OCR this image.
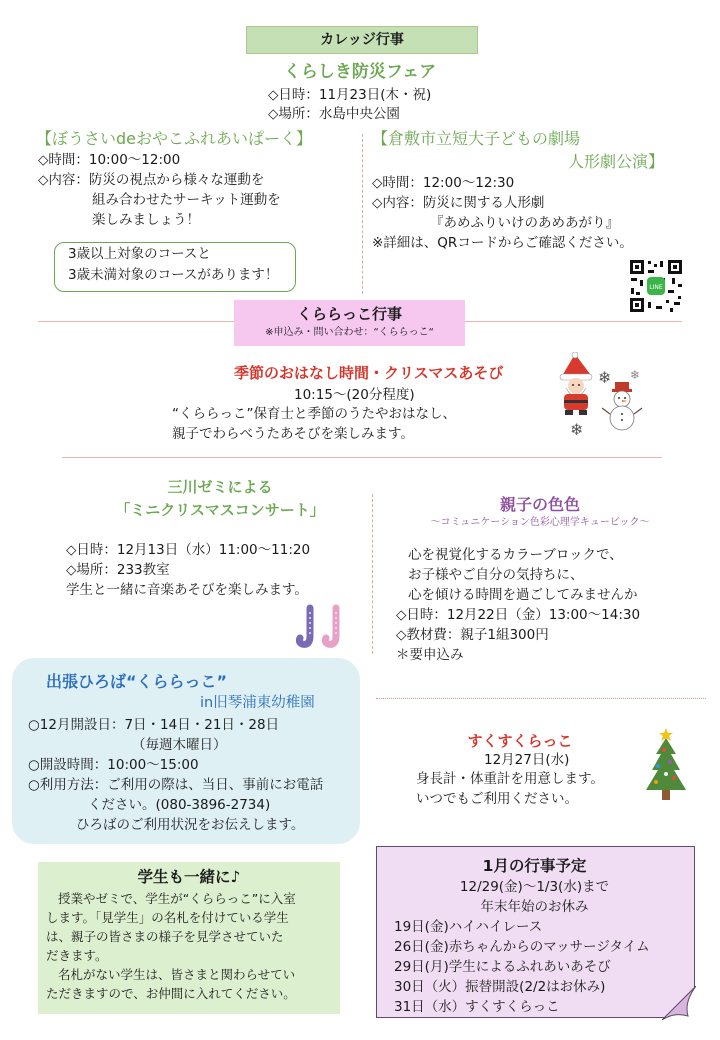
カレッジ行事
くらしき防災フェア
◇日時：11月23日(木・祝)
◇場所：水島中央公園
【ぼうさいdeおやこふれあいぱーく】
◇時間：10:00～12:00
◇内容：防災の視点から様々な運動を
組み合わせたサーキット運動を
楽しみましょう！
3歳以上対象のコースと
3歳未満対象のコースがあります！
【倉敷市立短大子どもの劇場
人形劇公演】
◇時間：12:00～12:30
◇内容：防災に関する人形劇
『あめふりいけのあめあがり』
※詳細は、QRコードからご確認ください。
LINE
くららっこ行事
※申込み・問い合わせ：“くららっこ“
季節のおはなし時間・クリスマスあそび
10:15～(20分程度)
“くららっこ”保育士と季節のうたやおはなし、
親子でわらべうたあそびを楽しみます。
❄ ❄
❄
三川ゼミによる
「ミニクリスマスコンサート」
◇日時：12月13日（水）11:00～11:20
◇場所：233教室
学生と一緒に音楽あそびを楽しみます。
親子の色色
～コミュニケーション色彩心理学キュービック～
心を視覚化するカラーブロックで、
お子様やご自分の気持ちに、
心を傾ける時間を過ごしてみませんか
◇日時：12月22日（金）13:00～14:30
◇教材費：親子1組300円
＊要申込み
出張ひろば“くららっこ”
in旧琴浦東幼稚園
○12月開設日：7日・14日・21日・28日
（毎週木曜日）
○開設時間：10:00～15:00
○利用方法：ご利用の際は、当日、事前にお電話
ください。(080-3896-2734)
ひろばのご利用状況をお伝えします。
すくすくらっこ
12月27日(水)
身長計・体重計を用意します。
いつでもご利用ください。
学生も一緒に♪
授業やゼミで、学生が“くららっこ”に入室
します。「見学生」の名札を付けている学生
は、親子の皆さまの様子を見学させていた
だきます。
名札がない学生は、皆さまと関わらせてい
ただきますので、お仲間に入れてください。
1月の行事予定
12/29(金)～1/3(水)まで
年末年始のお休み
19日(金)ハイハイレース
26日(金)赤ちゃんからのマッサージタイム
29日(月)学生によるふれあいあそび
30日（火）振替開設(2/2はお休み)
31日（水）すくすくらっこ
